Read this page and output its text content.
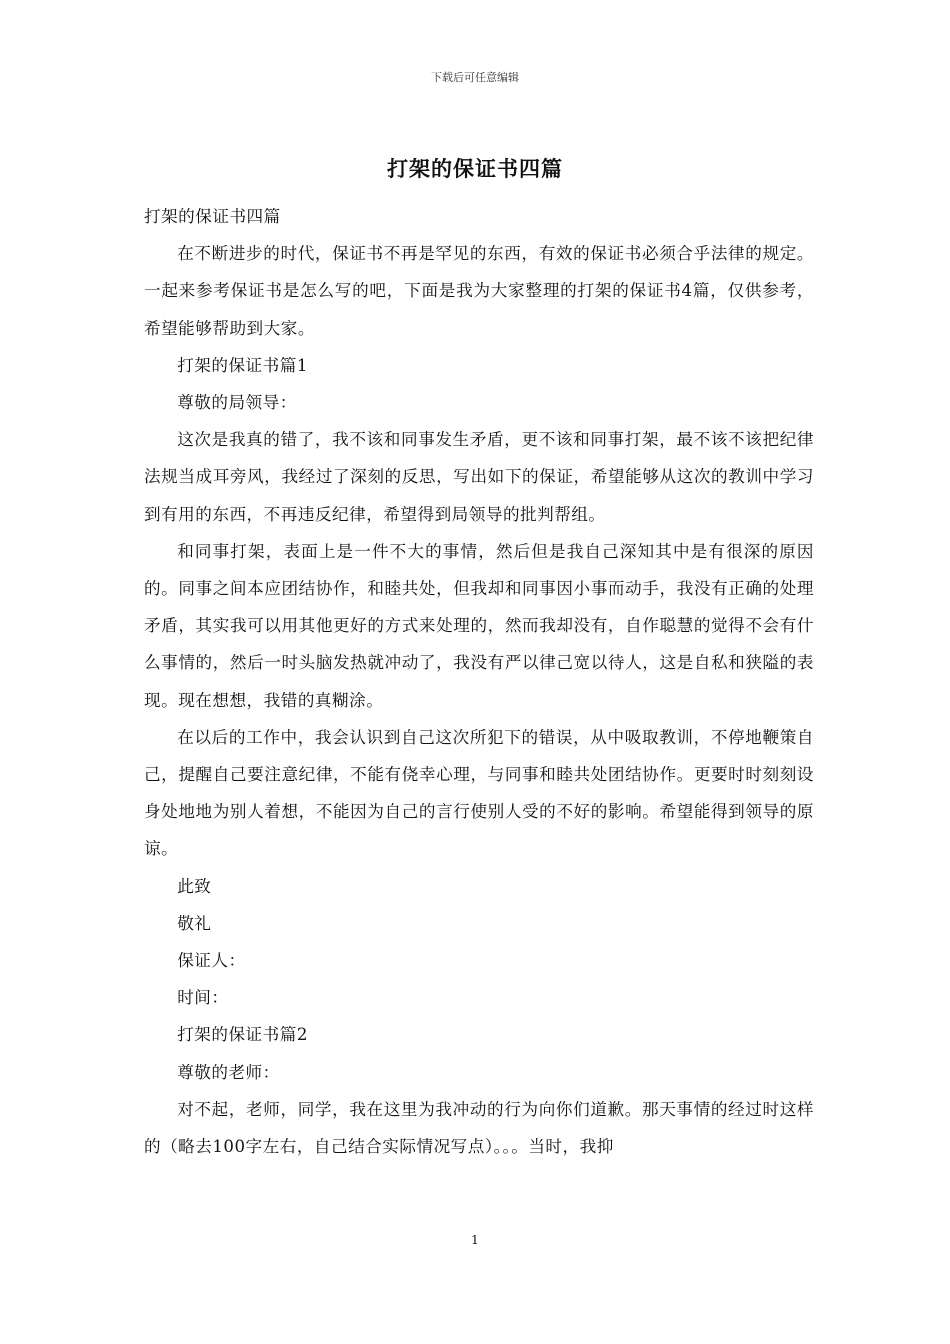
下载后可任意编辑
打架的保证书四篇

打架的保证书四篇

在不断进步的时代，保证书不再是罕见的东西，有效的保证书必须合乎法律的规定。一起来参考保证书是怎么写的吧，下面是我为大家整理的打架的保证书4篇，仅供参考，希望能够帮助到大家。

打架的保证书篇1

尊敬的局领导：

这次是我真的错了，我不该和同事发生矛盾，更不该和同事打架，最不该不该把纪律法规当成耳旁风，我经过了深刻的反思，写出如下的保证，希望能够从这次的教训中学习到有用的东西，不再违反纪律，希望得到局领导的批判帮组。

和同事打架，表面上是一件不大的事情，然后但是我自己深知其中是有很深的原因的。同事之间本应团结协作，和睦共处，但我却和同事因小事而动手，我没有正确的处理矛盾，其实我可以用其他更好的方式来处理的，然而我却没有，自作聪慧的觉得不会有什么事情的，然后一时头脑发热就冲动了，我没有严以律己宽以待人，这是自私和狭隘的表现。现在想想，我错的真糊涂。

在以后的工作中，我会认识到自己这次所犯下的错误，从中吸取教训，不停地鞭策自己，提醒自己要注意纪律，不能有侥幸心理，与同事和睦共处团结协作。更要时时刻刻设身处地地为别人着想，不能因为自己的言行使别人受的不好的影响。希望能得到领导的原谅。

此致

敬礼

保证人：

时间：

打架的保证书篇2

尊敬的老师：

对不起，老师，同学，我在这里为我冲动的行为向你们道歉。那天事情的经过时这样的（略去100字左右，自己结合实际情况写点）。。。当时，我抑

1
